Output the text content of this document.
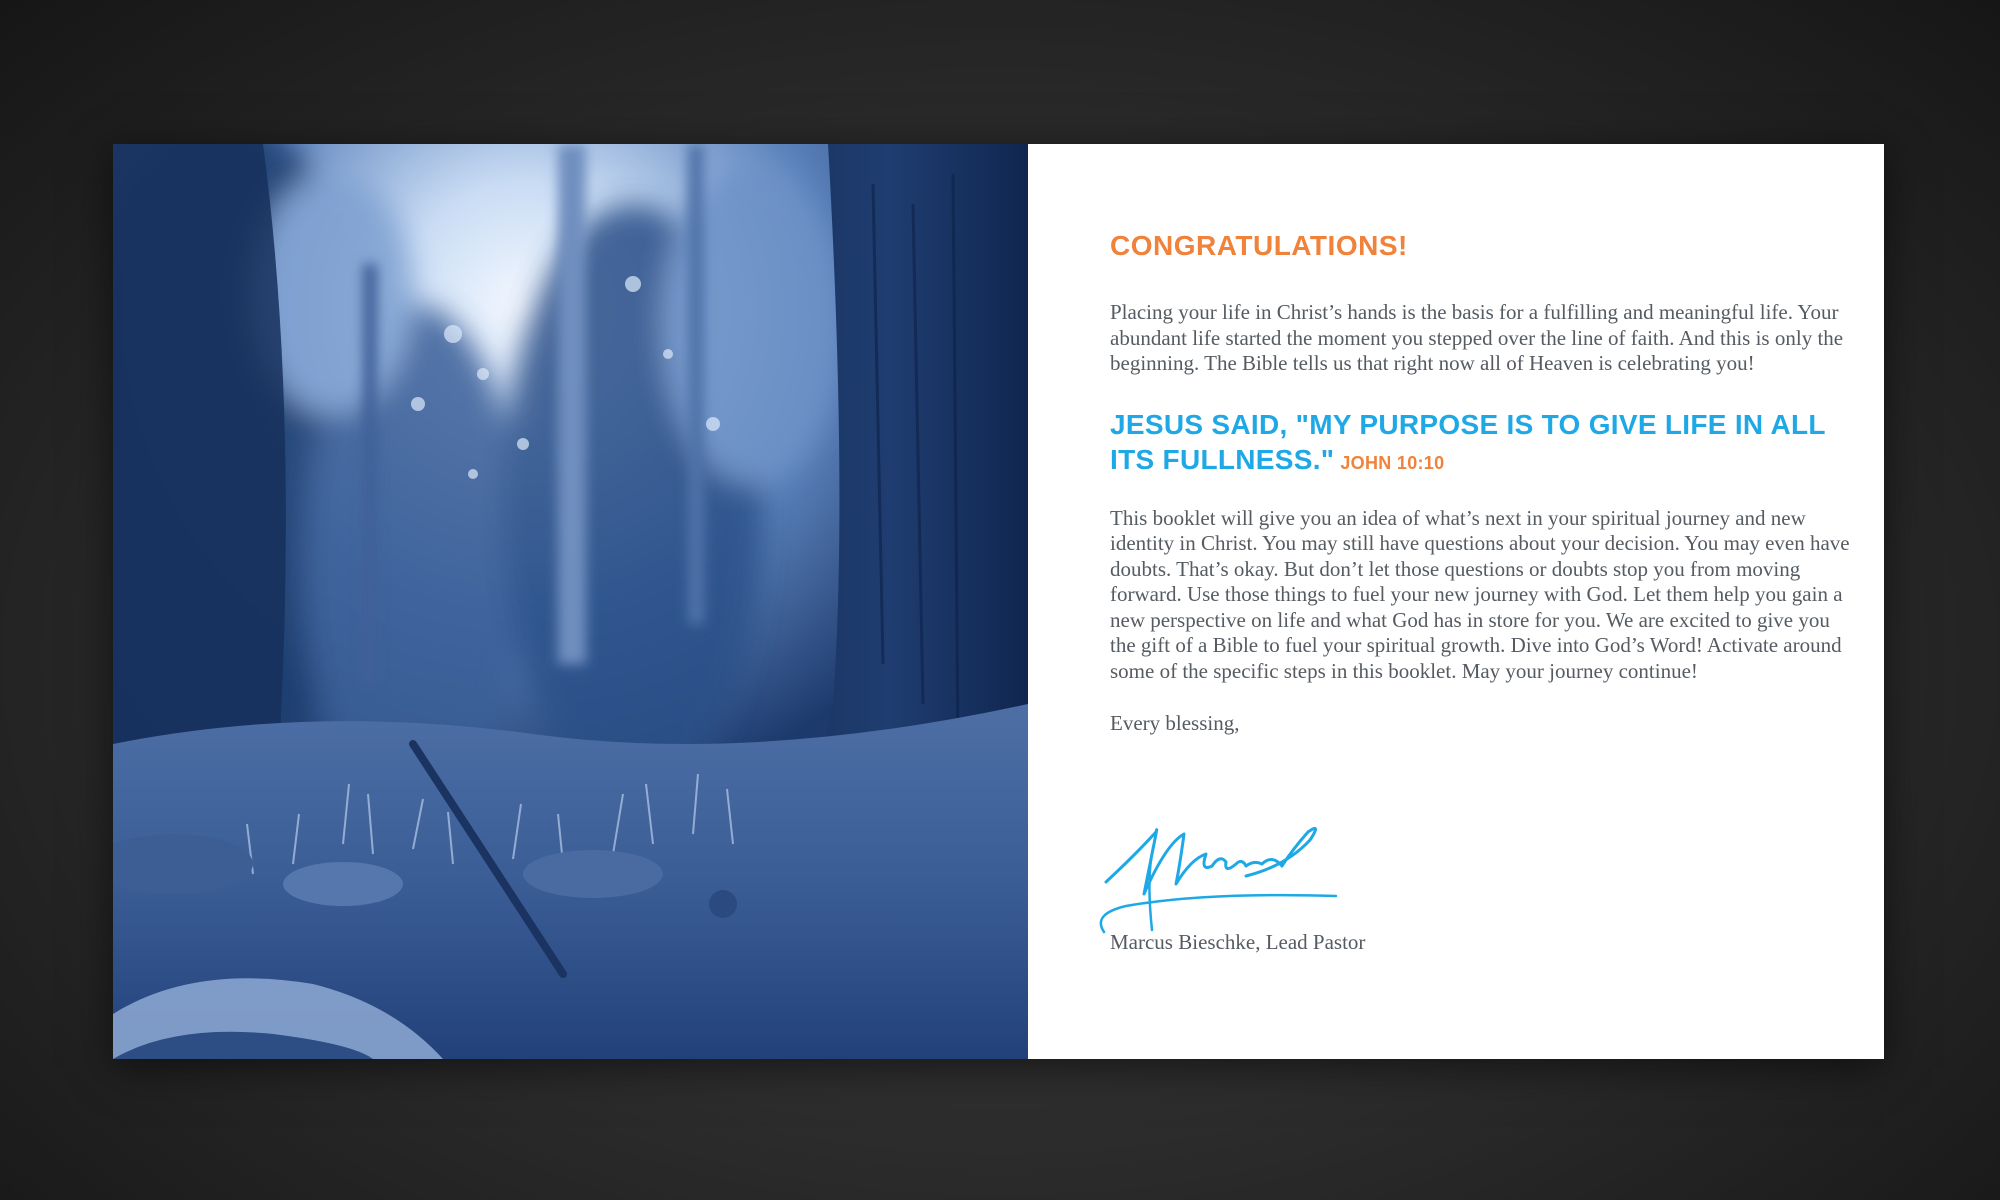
CONGRATULATIONS!

Placing your life in Christ’s hands is the basis for a fulfilling and meaningful life. Your abundant life started the moment you stepped over the line of faith. And this is only the beginning. The Bible tells us that right now all of Heaven is celebrating you!

JESUS SAID, "MY PURPOSE IS TO GIVE LIFE IN ALL ITS FULLNESS." JOHN 10:10

This booklet will give you an idea of what’s next in your spiritual journey and new identity in Christ. You may still have questions about your decision. You may even have doubts. That’s okay. But don’t let those questions or doubts stop you from moving forward. Use those things to fuel your new journey with God. Let them help you gain a new perspective on life and what God has in store for you. We are excited to give you the gift of a Bible to fuel your spiritual growth. Dive into God’s Word! Activate around some of the specific steps in this booklet. May your journey continue!

Every blessing,

Marcus Bieschke, Lead Pastor
